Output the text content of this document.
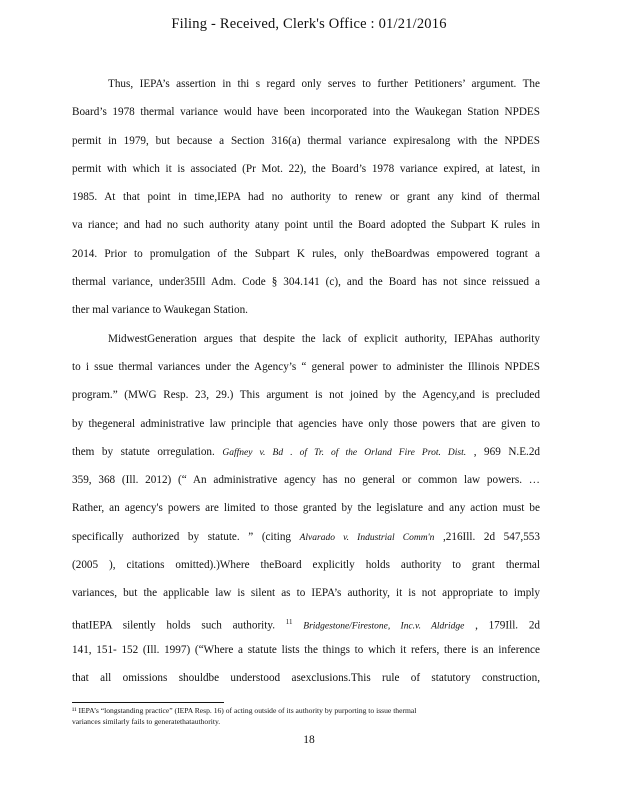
Filing - Received, Clerk's Office : 01/21/2016

Thus, IEPA’s assertion in thi s regard only serves to further Petitioners’ argument. The
Board’s 1978 thermal variance would have been incorporated into the Waukegan Station NPDES
permit in 1979, but because a Section 316(a) thermal variance expiresalong with the NPDES
permit with which it is associated (Pr Mot. 22), the Board’s 1978 variance expired, at latest, in
1985. At that point in time,IEPA had no authority to renew or grant any kind of thermal
va riance; and had no such authority atany point until the Board adopted the Subpart K rules in
2014. Prior to promulgation of the Subpart K rules, only theBoardwas empowered togrant a
thermal variance, under35Ill Adm. Code § 304.141 (c), and the Board has not since reissued a
ther mal variance to Waukegan Station.

MidwestGeneration argues that despite the lack of explicit authority, IEPAhas authority
to i ssue thermal variances under the Agency’s “ general power to administer the Illinois NPDES
program.” (MWG Resp. 23, 29.) This argument is not joined by the Agency,and is precluded
by thegeneral administrative law principle that agencies have only those powers that are given to
them by statute orregulation. Gaffney v. Bd . of Tr. of the Orland Fire Prot. Dist. , 969 N.E.2d
359, 368 (Ill. 2012) (“ An administrative agency has no general or common law powers. …
Rather, an agency's powers are limited to those granted by the legislature and any action must be
specifically authorized by statute. ” (citing Alvarado v. Industrial Comm'n ,216Ill. 2d 547,553
(2005 ), citations omitted).)Where theBoard explicitly holds authority to grant thermal
variances, but the applicable law is silent as to IEPA’s authority, it is not appropriate to imply
thatIEPA silently holds such authority. $^{11}$ Bridgestone/Firestone, Inc.v. Aldridge , 179Ill. 2d
141, 151- 152 (Ill. 1997) (“Where a statute lists the things to which it refers, there is an inference
that all omissions shouldbe understood asexclusions.This rule of statutory construction,

¹¹ IEPA’s “longstanding practice” (IEPA Resp. 16) of acting outside of its authority by purporting to issue thermal
variances similarly fails to generatethatauthority.
18
